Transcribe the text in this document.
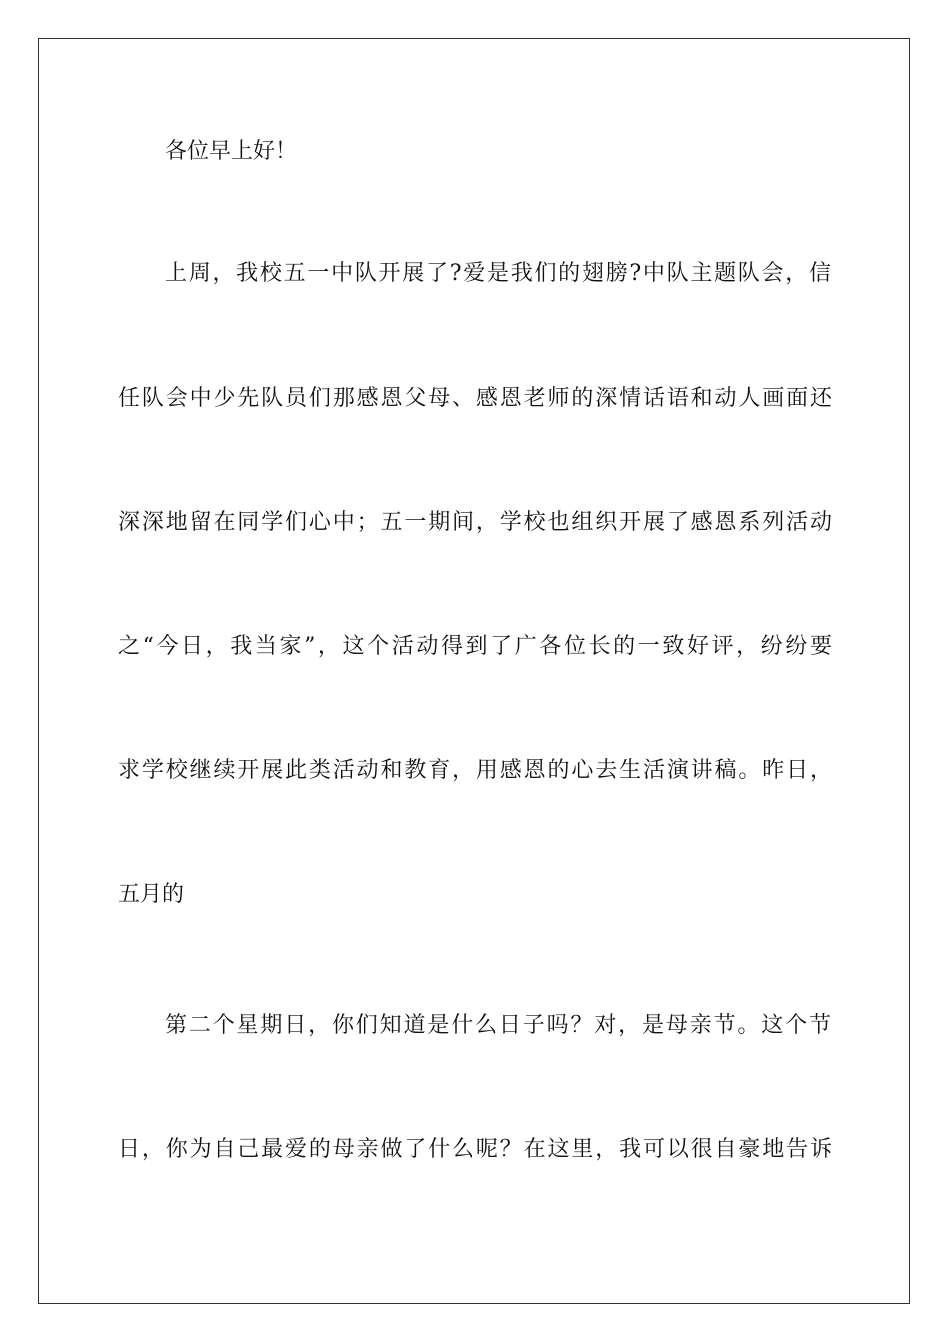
各位早上好！
上周，我校五一中队开展了?爱是我们的翅膀?中队主题队会，信
任队会中少先队员们那感恩父母、感恩老师的深情话语和动人画面还
深深地留在同学们心中；五一期间，学校也组织开展了感恩系列活动
之“今日，我当家”，这个活动得到了广各位长的一致好评，纷纷要
求学校继续开展此类活动和教育，用感恩的心去生活演讲稿。昨日，
五月的
第二个星期日，你们知道是什么日子吗？对，是母亲节。这个节
日，你为自己最爱的母亲做了什么呢？在这里，我可以很自豪地告诉
